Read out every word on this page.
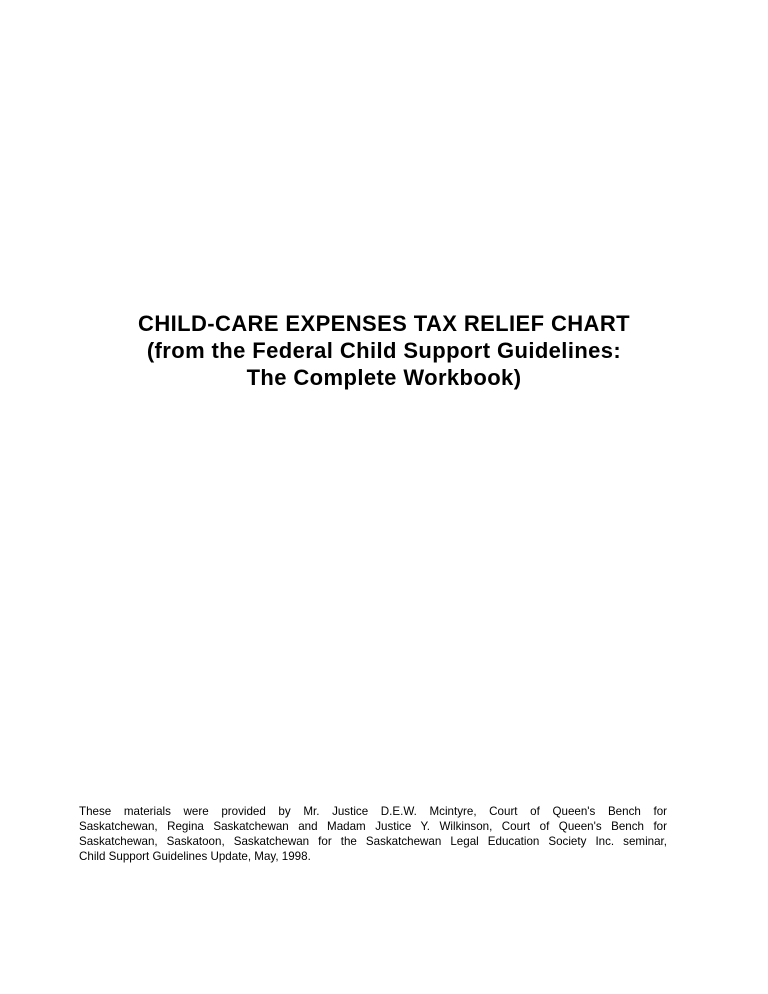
CHILD-CARE EXPENSES TAX RELIEF CHART

(from the Federal Child Support Guidelines:

The Complete Workbook)

These materials were provided by Mr. Justice D.E.W. Mcintyre, Court of Queen's Bench for
Saskatchewan, Regina Saskatchewan and Madam Justice Y. Wilkinson, Court of Queen's Bench for
Saskatchewan, Saskatoon, Saskatchewan for the Saskatchewan Legal Education Society Inc. seminar,
Child Support Guidelines Update, May, 1998.
